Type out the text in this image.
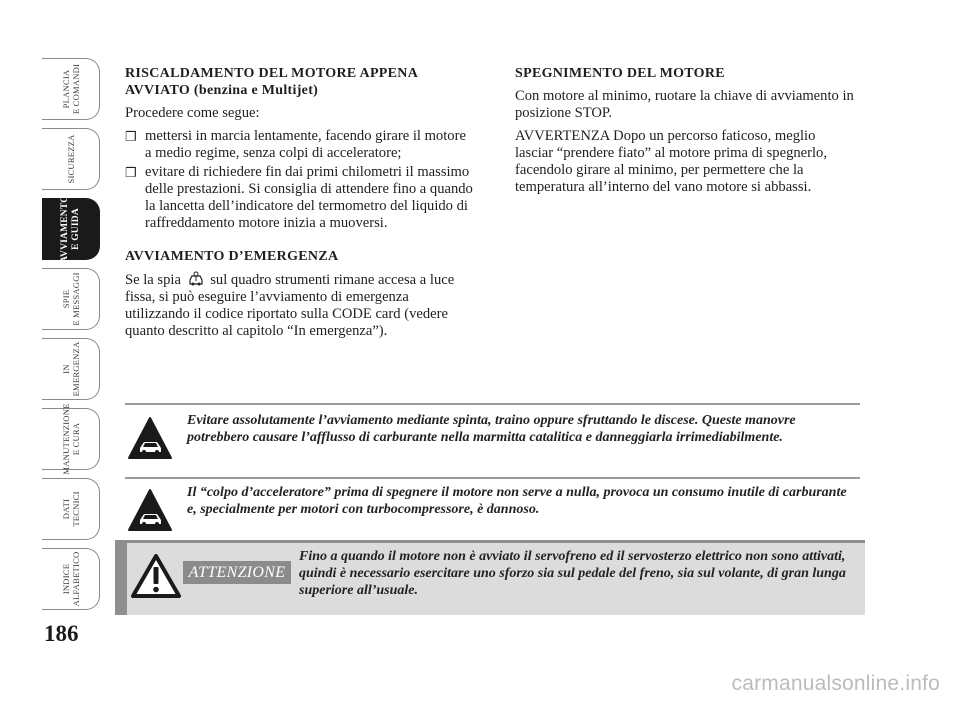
PLANCIA
E COMANDI
SICUREZZA
AVVIAMENTO
E GUIDA
SPIE
E MESSAGGI
IN
EMERGENZA
MANUTENZIONE
E CURA
DATI
TECNICI
INDICE
ALFABETICO
186
RISCALDAMENTO DEL MOTORE APPENA AVVIATO (benzina e Multijet)
Procedere come segue:
❒ mettersi in marcia lentamente, facendo girare il motore a medio regime, senza colpi di acceleratore;
❒ evitare di richiedere fin dai primi chilometri il massimo delle prestazioni. Si consiglia di attendere fino a quando la lancetta dell’indicatore del termometro del liquido di raffreddamento motore inizia a muoversi.
AVVIAMENTO D’EMERGENZA
Se la spia sul quadro strumenti rimane accesa a luce fissa, si può eseguire l’avviamento di emergenza utilizzando il codice riportato sulla CODE card (vedere quanto descritto al capitolo “In emergenza”).
SPEGNIMENTO DEL MOTORE
Con motore al minimo, ruotare la chiave di avviamento in posizione STOP.
AVVERTENZA Dopo un percorso faticoso, meglio lasciar “prendere fiato” al motore prima di spegnerlo, facendolo girare al minimo, per permettere che la temperatura all’interno del vano motore si abbassi.
Evitare assolutamente l’avviamento mediante spinta, traino oppure sfruttando le discese. Queste manovre potrebbero causare l’afflusso di carburante nella marmitta catalitica e danneggiarla irrimediabilmente.
Il “colpo d’acceleratore” prima di spegnere il motore non serve a nulla, provoca un consumo inutile di carburante e, specialmente per motori con turbocompressore, è dannoso.
ATTENZIONE
Fino a quando il motore non è avviato il servofreno ed il servosterzo elettrico non sono attivati, quindi è necessario esercitare uno sforzo sia sul pedale del freno, sia sul volante, di gran lunga superiore all’usuale.
carmanualsonline.info
